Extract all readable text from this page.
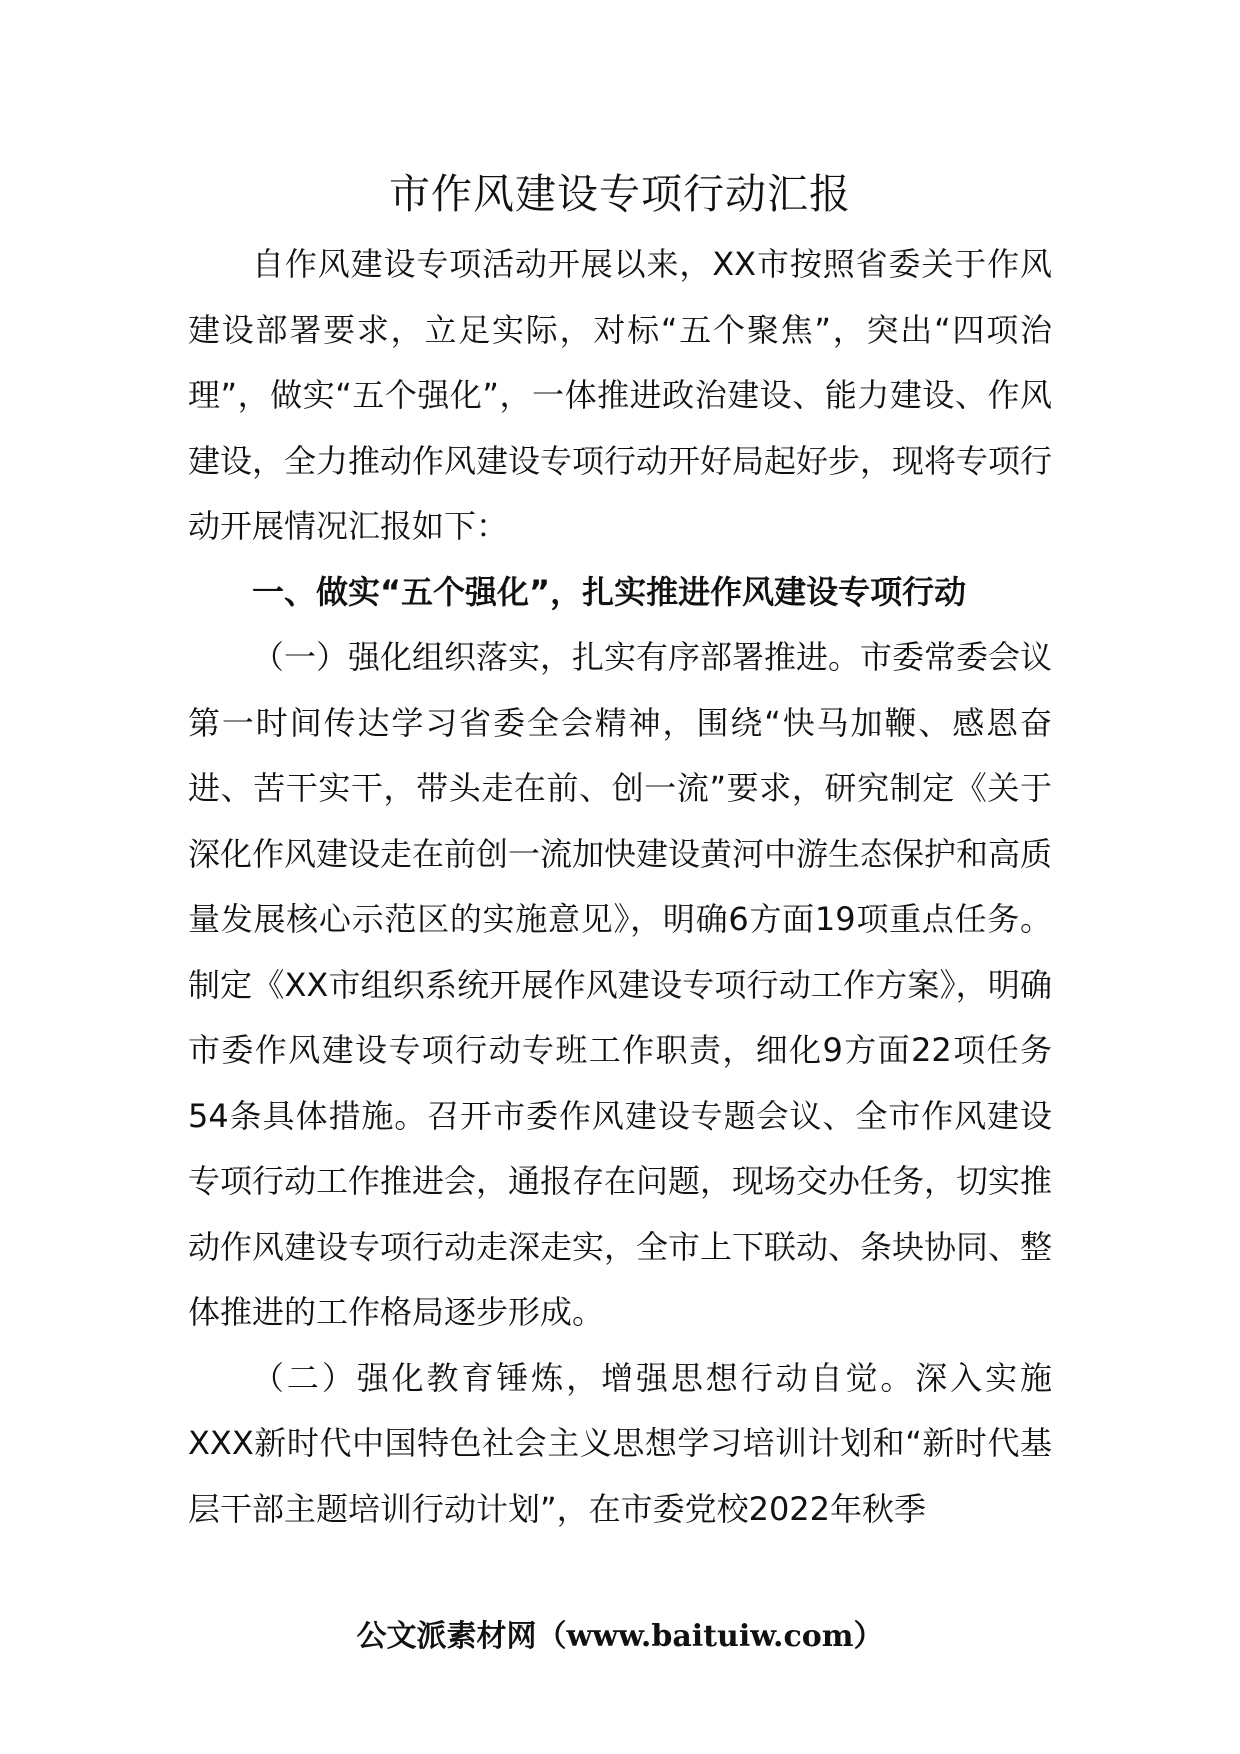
市作风建设专项行动汇报

自作风建设专项活动开展以来，XX市按照省委关于作风建设部署要求，立足实际，对标“五个聚焦”，突出“四项治理”，做实“五个强化”，一体推进政治建设、能力建设、作风建设，全力推动作风建设专项行动开好局起好步，现将专项行动开展情况汇报如下：

一、做实“五个强化”，扎实推进作风建设专项行动

（一）强化组织落实，扎实有序部署推进。市委常委会议第一时间传达学习省委全会精神，围绕“快马加鞭、感恩奋进、苦干实干，带头走在前、创一流”要求，研究制定《关于深化作风建设走在前创一流加快建设黄河中游生态保护和高质量发展核心示范区的实施意见》，明确6方面19项重点任务。制定《XX市组织系统开展作风建设专项行动工作方案》，明确市委作风建设专项行动专班工作职责，细化9方面22项任务54条具体措施。召开市委作风建设专题会议、全市作风建设专项行动工作推进会，通报存在问题，现场交办任务，切实推动作风建设专项行动走深走实，全市上下联动、条块协同、整体推进的工作格局逐步形成。

（二）强化教育锤炼，增强思想行动自觉。深入实施XXX新时代中国特色社会主义思想学习培训计划和“新时代基层干部主题培训行动计划”，在市委党校2022年秋季

公文派素材网（www.baituiw.com）
